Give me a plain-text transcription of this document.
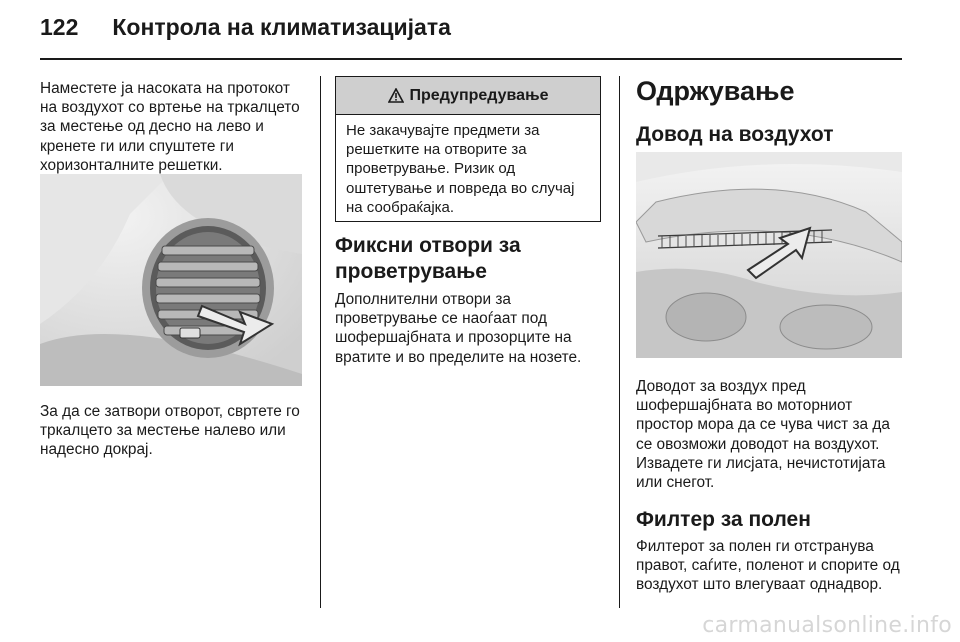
122 Контрола на климатизацијата

Наместете ја насоката на протокот на воздухот со вртење на тркалцето за местење од десно на лево и кренете ги или спуштете ги хоризонталните решетки.

За да се затвори отворот, свртете го тркалцето за местење налево или надесно докрај.

Предупредување

Не закачувајте предмети за решетките на отворите за проветрување. Ризик од оштетување и повреда во случај на сообраќајка.

Фиксни отвори за проветрување

Дополнителни отвори за проветрување се наоѓаат под шофершајбната и прозорците на вратите и во пределите на нозете.

Одржување
Довод на воздухот

Доводот за воздух пред шофершајбната во моторниот простор мора да се чува чист за да се овозможи доводот на воздухот. Извадете ги лисјата, нечистотијата или снегот.

Филтер за полен

Филтерот за полен ги отстранува правот, саѓите, поленот и спорите од воздухот што влегуваат однадвор.

carmanualsonline.info
